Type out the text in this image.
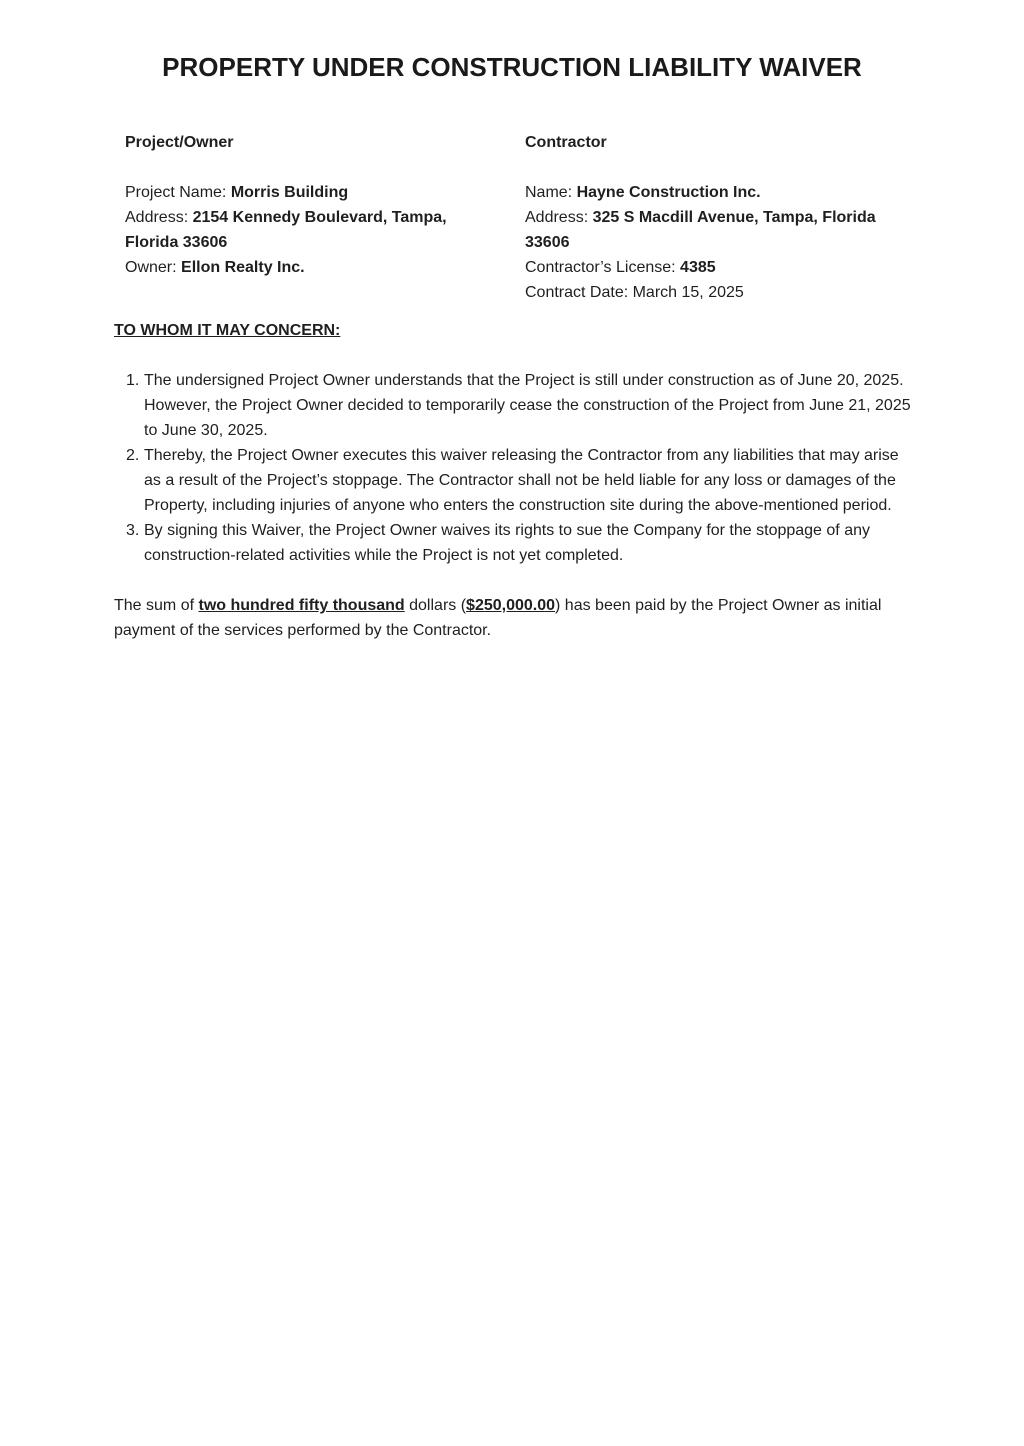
PROPERTY UNDER CONSTRUCTION LIABILITY WAIVER
Project/Owner
Project Name: Morris Building
Address: 2154 Kennedy Boulevard, Tampa, Florida 33606
Owner: Ellon Realty Inc.
Contractor
Name: Hayne Construction Inc.
Address: 325 S Macdill Avenue, Tampa, Florida 33606
Contractor’s License: 4385
Contract Date: March 15, 2025
TO WHOM IT MAY CONCERN:
1. The undersigned Project Owner understands that the Project is still under construction as of June 20, 2025. However, the Project Owner decided to temporarily cease the construction of the Project from June 21, 2025 to June 30, 2025.
2. Thereby, the Project Owner executes this waiver releasing the Contractor from any liabilities that may arise as a result of the Project’s stoppage. The Contractor shall not be held liable for any loss or damages of the Property, including injuries of anyone who enters the construction site during the above-mentioned period.
3. By signing this Waiver, the Project Owner waives its rights to sue the Company for the stoppage of any construction-related activities while the Project is not yet completed.
The sum of two hundred fifty thousand dollars ($250,000.00) has been paid by the Project Owner as initial payment of the services performed by the Contractor.
